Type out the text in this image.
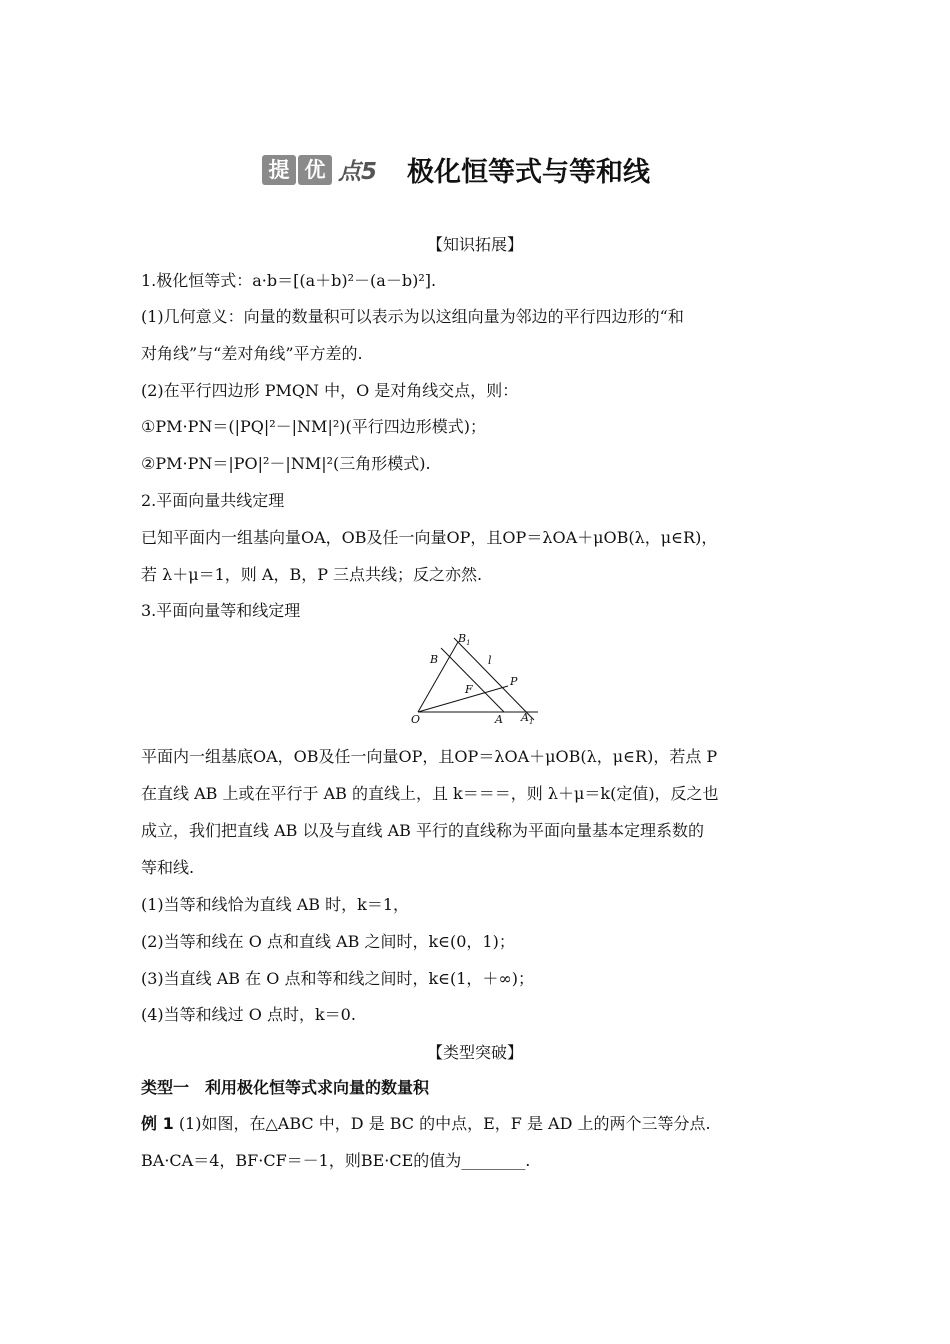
提 优 点5 极化恒等式与等和线
【知识拓展】
1.极化恒等式：a·b＝[(a＋b)²－(a－b)²].
(1)几何意义：向量的数量积可以表示为以这组向量为邻边的平行四边形的“和
对角线”与“差对角线”平方差的.
(2)在平行四边形 PMQN 中，O 是对角线交点，则：
①PM·PN＝(|PQ|²－|NM|²)(平行四边形模式)；
②PM·PN＝|PO|²－|NM|²(三角形模式).
2.平面向量共线定理
已知平面内一组基向量OA，OB及任一向量OP，且OP＝λOA＋μOB(λ，μ∈R)，
若 λ＋μ＝1，则 A，B，P 三点共线；反之亦然.
3.平面向量等和线定理
$B_1$
B	l
P
F
O	A $A_1$
平面内一组基底OA，OB及任一向量OP，且OP＝λOA＋μOB(λ，μ∈R)，若点 P
在直线 AB 上或在平行于 AB 的直线上，且 k＝＝＝，则 λ＋μ＝k(定值)，反之也
成立，我们把直线 AB 以及与直线 AB 平行的直线称为平面向量基本定理系数的
等和线.
(1)当等和线恰为直线 AB 时，k＝1，
(2)当等和线在 O 点和直线 AB 之间时，k∈(0，1)；
(3)当直线 AB 在 O 点和等和线之间时，k∈(1，＋∞)；
(4)当等和线过 O 点时，k＝0.
【类型突破】
类型一　利用极化恒等式求向量的数量积
例 1 (1)如图，在△ABC 中，D 是 BC 的中点，E，F 是 AD 上的两个三等分点.
BA·CA＝4，BF·CF＝－1，则BE·CE的值为________.
